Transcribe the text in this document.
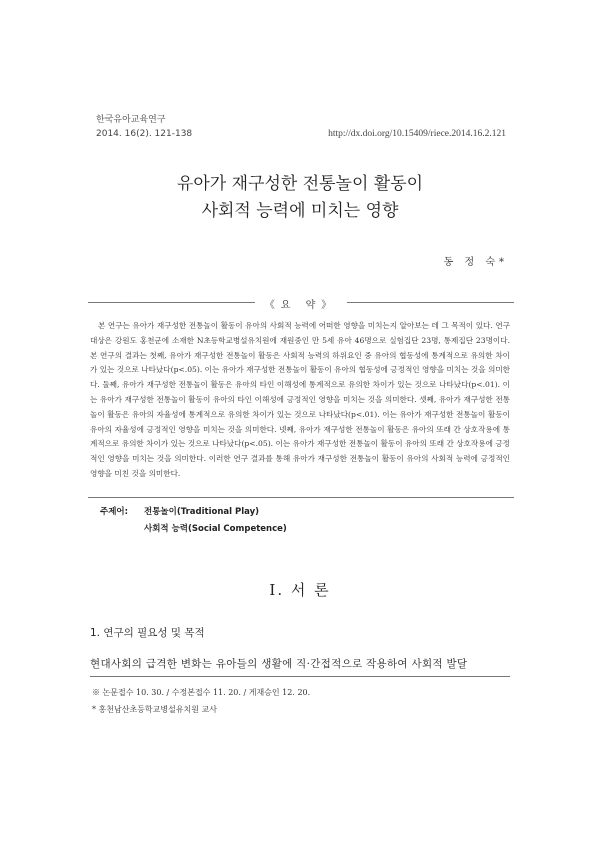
한국유아교육연구
2014. 16(2). 121-138	http://dx.doi.org/10.15409/riece.2014.16.2.121
유아가 재구성한 전통놀이 활동이
사회적 능력에 미치는 영향
동 정 숙*
《요 약》

본 연구는 유아가 재구성한 전통놀이 활동이 유아의 사회적 능력에 어떠한 영향을 미치는지 알아보는 데 그 목적이 있다. 연구 대상은 강원도 홍천군에 소재한 N초등학교병설유치원에 재원중인 만 5세 유아 46명으로 실험집단 23명, 통제집단 23명이다. 본 연구의 결과는 첫째, 유아가 재구성한 전통놀이 활동은 사회적 능력의 하위요인 중 유아의 협동성에 통계적으로 유의한 차이가 있는 것으로 나타났다(p<.05). 이는 유아가 재구성한 전통놀이 활동이 유아의 협동성에 긍정적인 영향을 미치는 것을 의미한다. 둘째, 유아가 재구성한 전통놀이 활동은 유아의 타인 이해성에 통계적으로 유의한 차이가 있는 것으로 나타났다(p<.01). 이는 유아가 재구성한 전통놀이 활동이 유아의 타인 이해성에 긍정적인 영향을 미치는 것을 의미한다. 셋째, 유아가 재구성한 전통놀이 활동은 유아의 자율성에 통계적으로 유의한 차이가 있는 것으로 나타났다(p<.01). 이는 유아가 재구성한 전통놀이 활동이 유아의 자율성에 긍정적인 영향을 미치는 것을 의미한다. 넷째, 유아가 재구성한 전통놀이 활동은 유아의 또래 간 상호작용에 통계적으로 유의한 차이가 있는 것으로 나타났다(p<.05). 이는 유아가 재구성한 전통놀이 활동이 유아의 또래 간 상호작용에 긍정적인 영향을 미치는 것을 의미한다. 이러한 연구 결과를 통해 유아가 재구성한 전통놀이 활동이 유아의 사회적 능력에 긍정적인 영향을 미친 것을 의미한다.

주제어:	전통놀이(Traditional Play)
사회적 능력(Social Competence)
Ⅰ. 서 론
1. 연구의 필요성 및 목적
현대사회의 급격한 변화는 유아들의 생활에 직·간접적으로 작용하여 사회적 발달
※ 논문접수 10. 30. / 수정본접수 11. 20. / 게재승인 12. 20.
* 홍천남산초등학교병설유치원 교사
